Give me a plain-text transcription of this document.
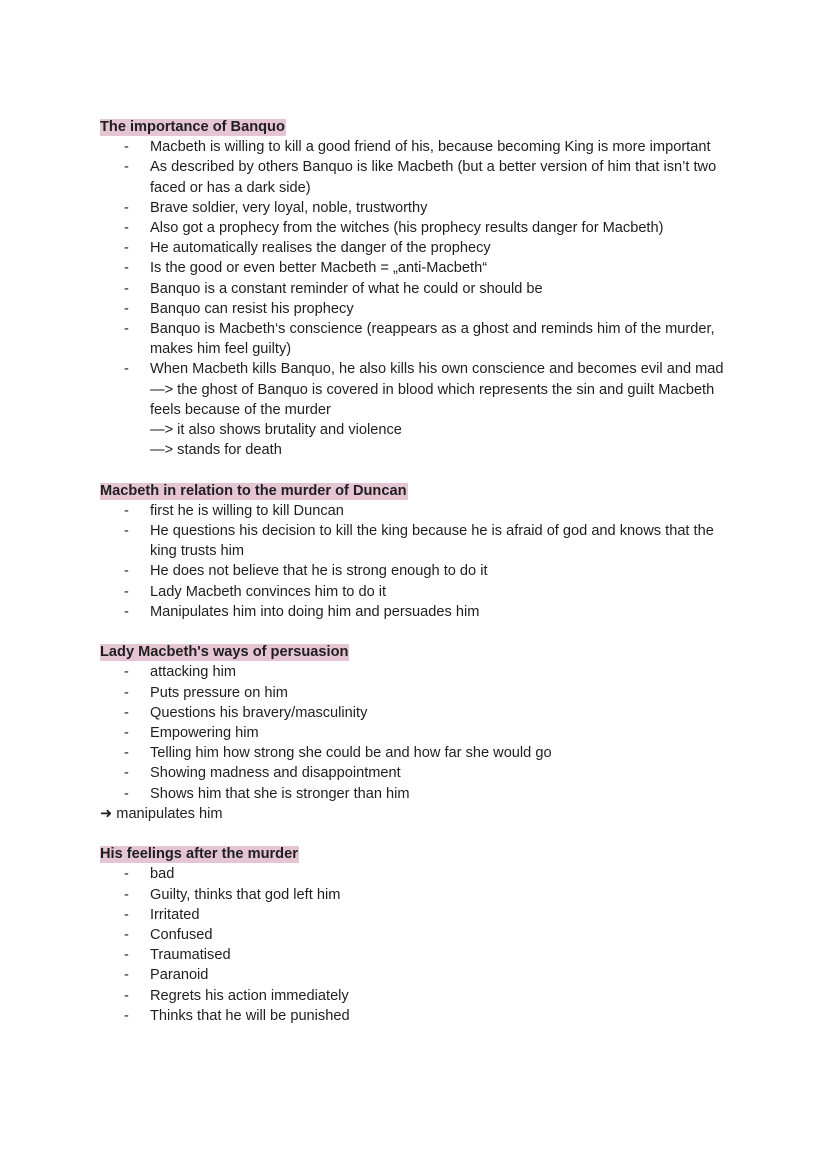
The importance of Banquo

- Macbeth is willing to kill a good friend of his, because becoming King is more important
- As described by others Banquo is like Macbeth (but a better version of him that isn’t two faced or has a dark side)
- Brave soldier, very loyal, noble, trustworthy
- Also got a prophecy from the witches (his prophecy results danger for Macbeth)
- He automatically realises the danger of the prophecy
- Is the good or even better Macbeth = „anti-Macbeth“
- Banquo is a constant reminder of what he could or should be
- Banquo can resist his prophecy
- Banquo is Macbeth‘s conscience (reappears as a ghost and reminds him of the murder, makes him feel guilty)
- When Macbeth kills Banquo, he also kills his own conscience and becomes evil and mad
—> the ghost of Banquo is covered in blood which represents the sin and guilt Macbeth feels because of the murder
—> it also shows brutality and violence
—> stands for death

Macbeth in relation to the murder of Duncan

- first he is willing to kill Duncan
- He questions his decision to kill the king because he is afraid of god and knows that the king trusts him
- He does not believe that he is strong enough to do it
- Lady Macbeth convinces him to do it
- Manipulates him into doing him and persuades him

Lady Macbeth's ways of persuasion

- attacking him
- Puts pressure on him
- Questions his bravery/masculinity
- Empowering him
- Telling him how strong she could be and how far she would go
- Showing madness and disappointment
- Shows him that she is stronger than him

➜ manipulates him

His feelings after the murder

- bad
- Guilty, thinks that god left him
- Irritated
- Confused
- Traumatised
- Paranoid
- Regrets his action immediately
- Thinks that he will be punished
